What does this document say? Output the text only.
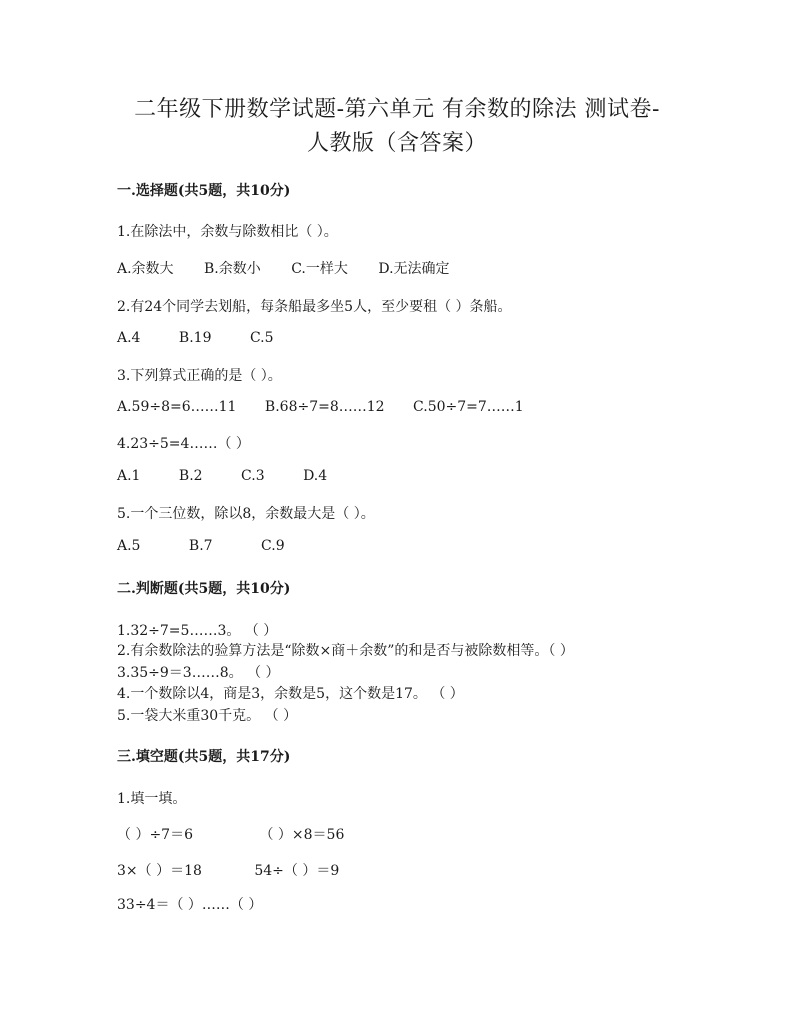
二年级下册数学试题-第六单元 有余数的除法 测试卷-
人教版（含答案）
一.选择题(共5题，共10分)
1.在除法中，余数与除数相比（ ）。
A.余数大 B.余数小 C.一样大 D.无法确定
2.有24个同学去划船，每条船最多坐5人，至少要租（ ）条船。
A.4	B.19	C.5
3.下列算式正确的是（ ）。
A.59÷8=6……11 B.68÷7=8……12 C.50÷7=7……1
4.23÷5=4……（ ）
A.1	B.2	C.3	D.4
5.一个三位数，除以8，余数最大是（ ）。
A.5	B.7	C.9
二.判断题(共5题，共10分)
1.32÷7=5……3。 （ ）
2.有余数除法的验算方法是“除数×商＋余数”的和是否与被除数相等。（ ）
3.35÷9＝3……8。 （ ）
4.一个数除以4，商是3，余数是5，这个数是17。 （ ）
5.一袋大米重30千克。 （ ）
三.填空题(共5题，共17分)
1.填一填。
（ ）÷7＝6	（ ）×8＝56
3×（ ）＝18	54÷（ ）＝9
33÷4＝（ ）……（ ）
